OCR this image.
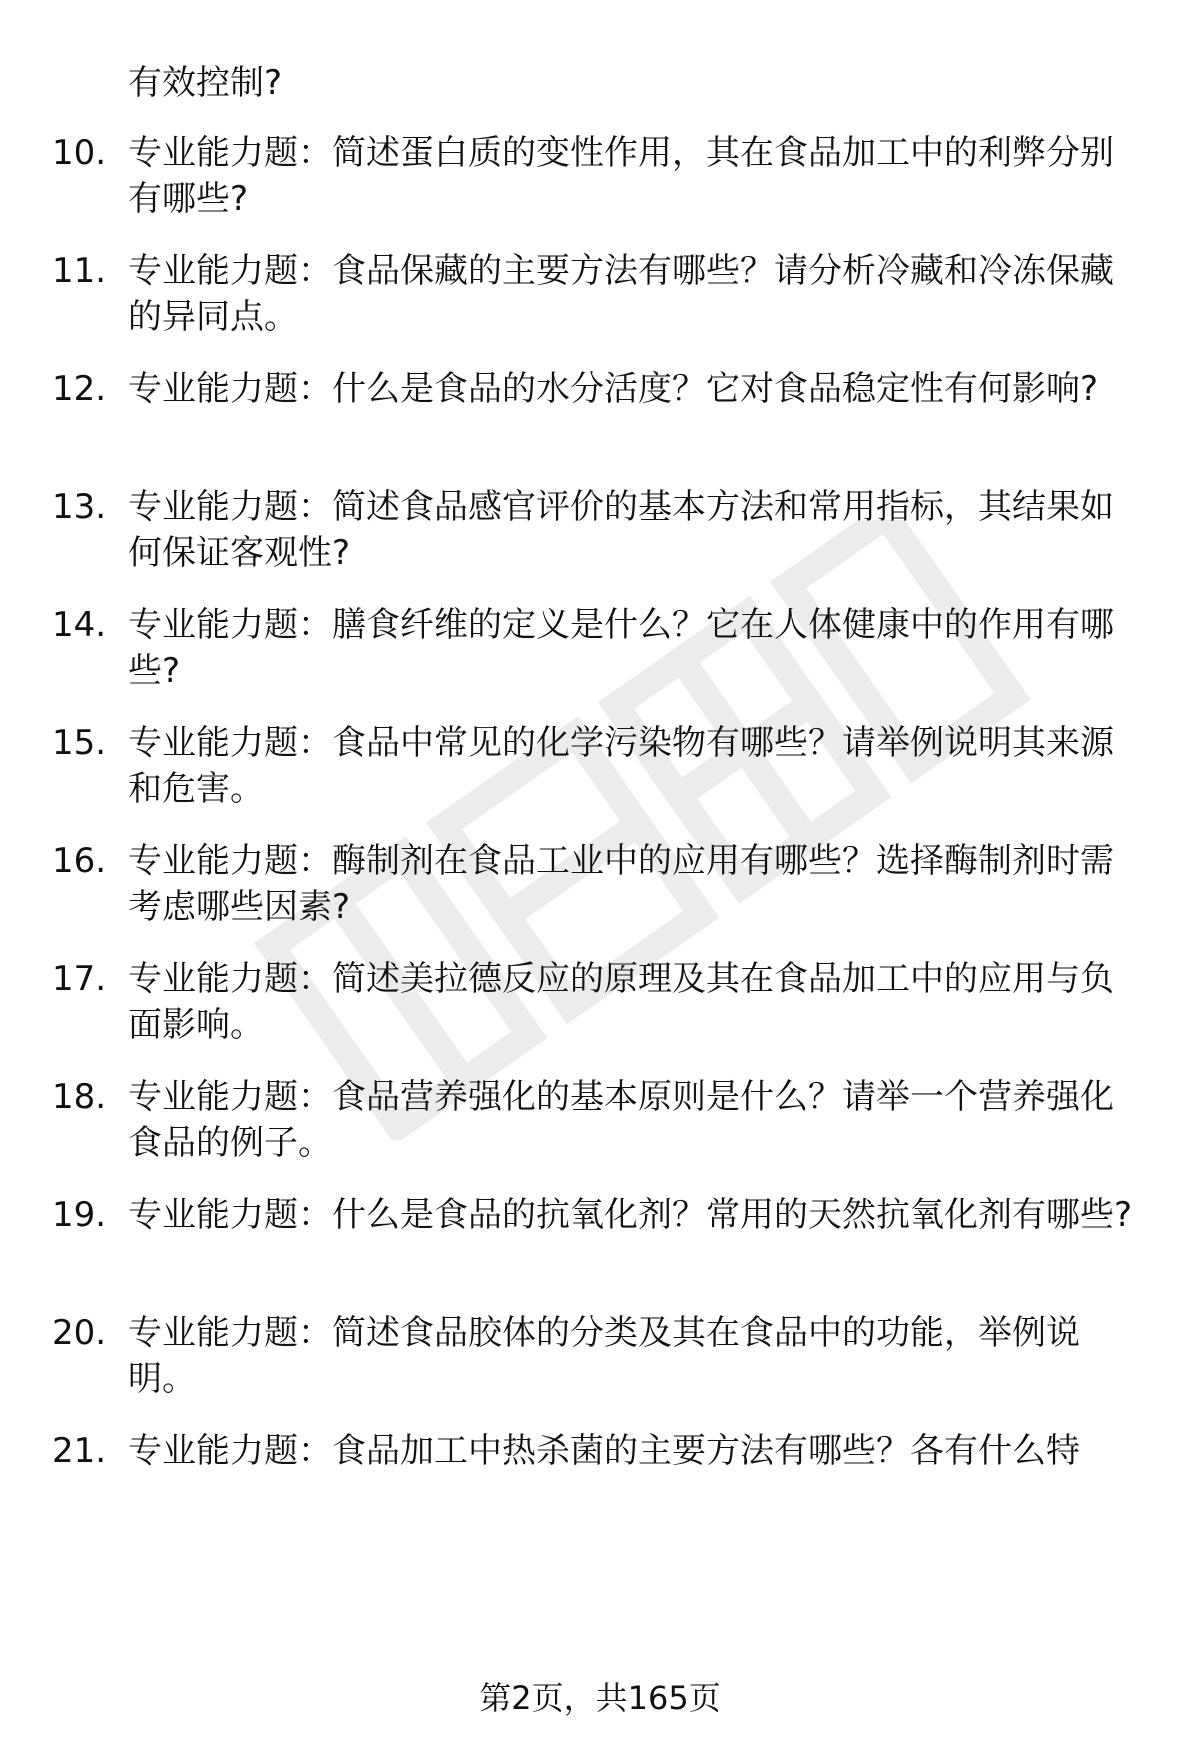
有效控制?
10. 专业能力题：简述蛋白质的变性作用，其在食品加工中的利弊分别有哪些?
11. 专业能力题：食品保藏的主要方法有哪些？请分析冷藏和冷冻保藏的异同点。
12. 专业能力题：什么是食品的水分活度？它对食品稳定性有何影响?
13. 专业能力题：简述食品感官评价的基本方法和常用指标，其结果如何保证客观性?
14. 专业能力题：膳食纤维的定义是什么？它在人体健康中的作用有哪些?
15. 专业能力题：食品中常见的化学污染物有哪些？请举例说明其来源和危害。
16. 专业能力题：酶制剂在食品工业中的应用有哪些？选择酶制剂时需考虑哪些因素?
17. 专业能力题：简述美拉德反应的原理及其在食品加工中的应用与负面影响。
18. 专业能力题：食品营养强化的基本原则是什么？请举一个营养强化食品的例子。
19. 专业能力题：什么是食品的抗氧化剂？常用的天然抗氧化剂有哪些?
20. 专业能力题：简述食品胶体的分类及其在食品中的功能，举例说明。
21. 专业能力题：食品加工中热杀菌的主要方法有哪些？各有什么特
第2页，共165页
